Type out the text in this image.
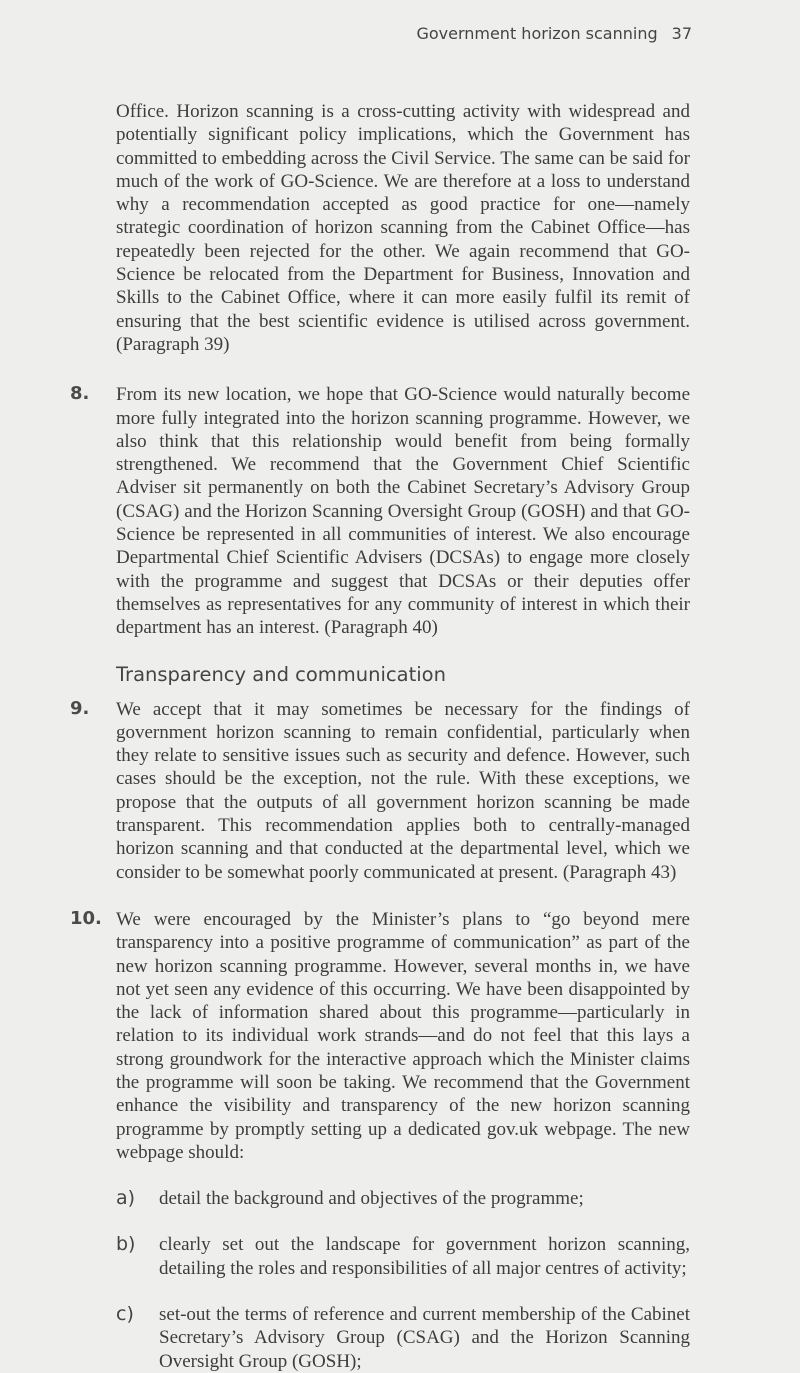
Government horizon scanning 37

Office. Horizon scanning is a cross-cutting activity with widespread and potentially significant policy implications, which the Government has committed to embedding across the Civil Service. The same can be said for much of the work of GO-Science. We are therefore at a loss to understand why a recommendation accepted as good practice for one—namely strategic coordination of horizon scanning from the Cabinet Office—has repeatedly been rejected for the other. We again recommend that GO-Science be relocated from the Department for Business, Innovation and Skills to the Cabinet Office, where it can more easily fulfil its remit of ensuring that the best scientific evidence is utilised across government. (Paragraph 39)

8. From its new location, we hope that GO-Science would naturally become more fully integrated into the horizon scanning programme. However, we also think that this relationship would benefit from being formally strengthened. We recommend that the Government Chief Scientific Adviser sit permanently on both the Cabinet Secretary’s Advisory Group (CSAG) and the Horizon Scanning Oversight Group (GOSH) and that GO-Science be represented in all communities of interest. We also encourage Departmental Chief Scientific Advisers (DCSAs) to engage more closely with the programme and suggest that DCSAs or their deputies offer themselves as representatives for any community of interest in which their department has an interest. (Paragraph 40)

Transparency and communication
9. We accept that it may sometimes be necessary for the findings of government horizon scanning to remain confidential, particularly when they relate to sensitive issues such as security and defence. However, such cases should be the exception, not the rule. With these exceptions, we propose that the outputs of all government horizon scanning be made transparent. This recommendation applies both to centrally-managed horizon scanning and that conducted at the departmental level, which we consider to be somewhat poorly communicated at present. (Paragraph 43)

10. We were encouraged by the Minister’s plans to “go beyond mere transparency into a positive programme of communication” as part of the new horizon scanning programme. However, several months in, we have not yet seen any evidence of this occurring. We have been disappointed by the lack of information shared about this programme—particularly in relation to its individual work strands—and do not feel that this lays a strong groundwork for the interactive approach which the Minister claims the programme will soon be taking. We recommend that the Government enhance the visibility and transparency of the new horizon scanning programme by promptly setting up a dedicated gov.uk webpage. The new webpage should:

a) detail the background and objectives of the programme;

b) clearly set out the landscape for government horizon scanning, detailing the roles and responsibilities of all major centres of activity;

c) set-out the terms of reference and current membership of the Cabinet Secretary’s Advisory Group (CSAG) and the Horizon Scanning Oversight Group (GOSH);
